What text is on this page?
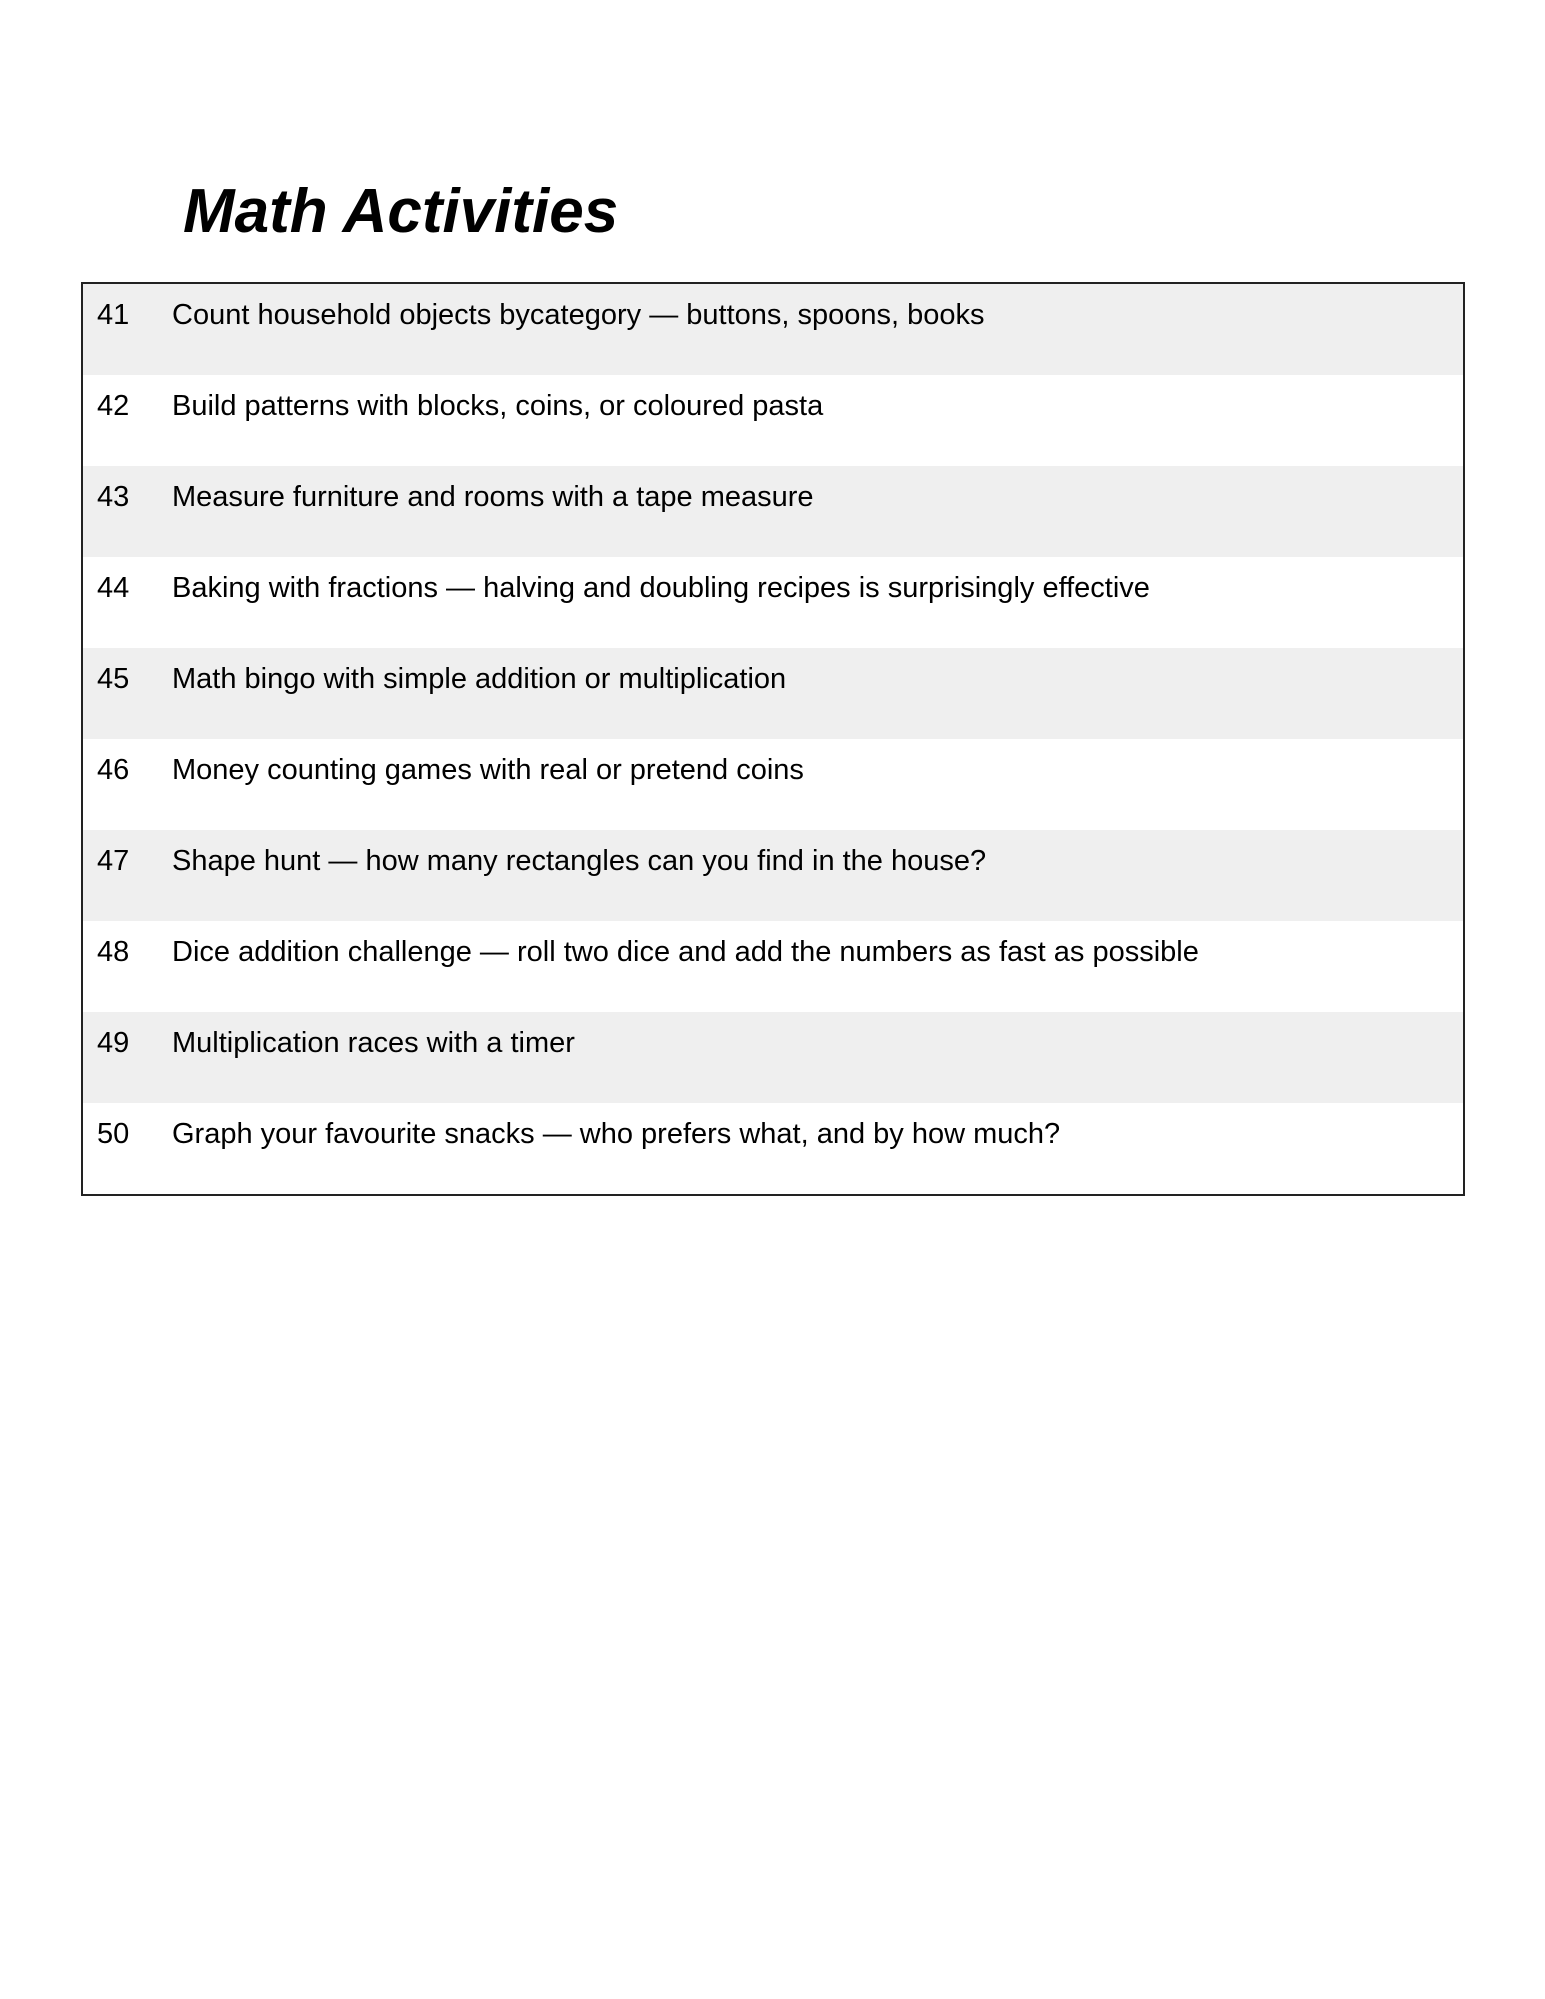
Math Activities
41	Count household objects bycategory — buttons, spoons, books
42	Build patterns with blocks, coins, or coloured pasta
43	Measure furniture and rooms with a tape measure
44	Baking with fractions — halving and doubling recipes is surprisingly effective
45	Math bingo with simple addition or multiplication
46	Money counting games with real or pretend coins
47	Shape hunt — how many rectangles can you find in the house?
48	Dice addition challenge — roll two dice and add the numbers as fast as possible
49	Multiplication races with a timer
50	Graph your favourite snacks — who prefers what, and by how much?
